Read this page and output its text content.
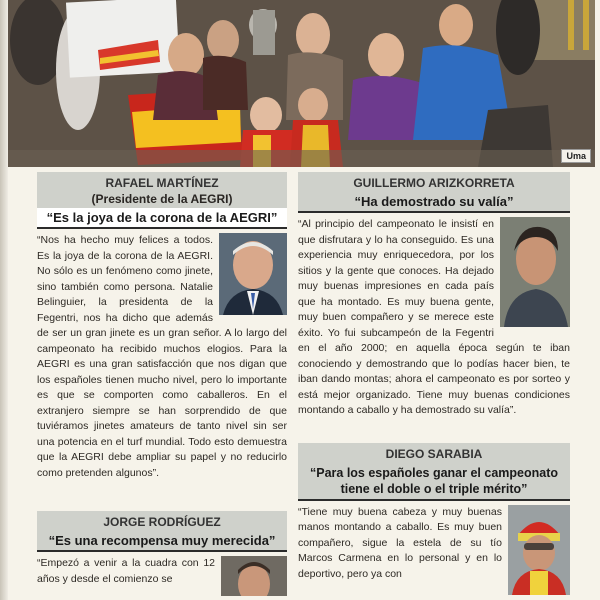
Uma
RAFAEL MARTÍNEZ
(Presidente de la AEGRI)
“Es la joya de la corona de la AEGRI”

“Nos ha hecho muy felices a todos. Es la joya de la corona de la AEGRI. No sólo es un fenómeno como jinete, sino también como persona. Natalie Belinguier, la presidenta de la Fegentri, nos ha dicho que además de ser un gran jinete es un gran señor. A lo largo del campeonato ha recibido muchos elogios. Para la AEGRI es una gran satisfacción que nos digan que los españoles tienen mucho nivel, pero lo importante es que se comporten como caballeros. En el extranjero siempre se han sorprendido de que tuviéramos jinetes amateurs de tanto nivel sin ser una potencia en el turf mundial. Todo esto demuestra que la AEGRI debe ampliar su papel y no reducirlo como pretenden algunos”.

JORGE RODRÍGUEZ
“Es una recompensa muy merecida”

“Empezó a venir a la cuadra con 12 años y desde el comienzo se

GUILLERMO ARIZKORRETA
“Ha demostrado su valía”

“Al principio del campeonato le insistí en que disfrutara y lo ha conseguido. Es una experiencia muy enriquecedora, por los sitios y la gente que conoces. Ha dejado muy buenas impresiones en cada país que ha montado. Es muy buena gente, muy buen compañero y se merece este éxito. Yo fui subcampeón de la Fegentri en el año 2000; en aquella época según te iban conociendo y demostrando que lo podías hacer bien, te iban dando montas; ahora el campeonato es por sorteo y está mejor organizado. Tiene muy buenas condiciones montando a caballo y ha demostrado su valía”.

DIEGO SARABIA
“Para los españoles ganar el campeonato tiene el doble o el triple mérito”

“Tiene muy buena cabeza y muy buenas manos montando a caballo. Es muy buen compañero, sigue la estela de su tío Marcos Carmena en lo personal y en lo deportivo, pero ya con
